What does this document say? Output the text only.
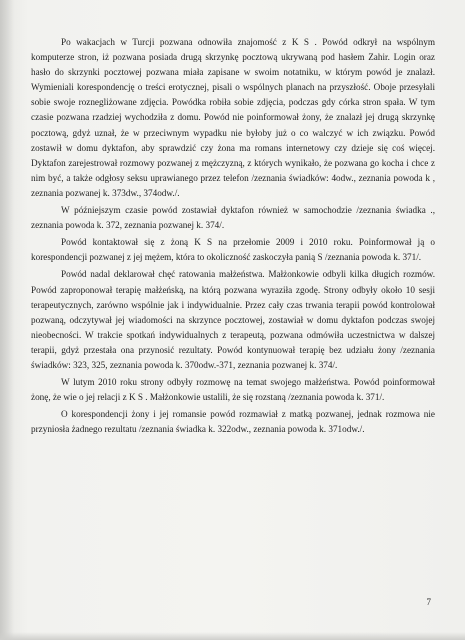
Po wakacjach w Turcji pozwana odnowiła znajomość z K S . Powód odkrył na wspólnym komputerze stron, iż pozwana posiada drugą skrzynkę pocztową ukrywaną pod hasłem Zahir. Login oraz hasło do skrzynki pocztowej pozwana miała zapisane w swoim notatniku, w którym powód je znalazł. Wymieniali korespondencję o treści erotycznej, pisali o wspólnych planach na przyszłość. Oboje przesyłali sobie swoje roznegliżowane zdjęcia. Powódka robiła sobie zdjęcia, podczas gdy córka stron spała. W tym czasie pozwana rzadziej wychodziła z domu. Powód nie poinformował żony, że znalazł jej drugą skrzynkę pocztową, gdyż uznał, że w przeciwnym wypadku nie byłoby już o co walczyć w ich związku. Powód zostawił w domu dyktafon, aby sprawdzić czy żona ma romans internetowy czy dzieje się coś więcej. Dyktafon zarejestrował rozmowy pozwanej z mężczyzną, z których wynikało, że pozwana go kocha i chce z nim być, a także odgłosy seksu uprawianego przez telefon /zeznania świadków: 4odw., zeznania powoda k , zeznania pozwanej k. 373dw., 374odw./.

W późniejszym czasie powód zostawiał dyktafon również w samochodzie /zeznania świadka ., zeznania powoda k. 372, zeznania pozwanej k. 374/.

Powód kontaktował się z żoną K S na przełomie 2009 i 2010 roku. Poinformował ją o korespondencji pozwanej z jej mężem, która to okoliczność zaskoczyła panią S /zeznania powoda k. 371/.

Powód nadal deklarował chęć ratowania małżeństwa. Małżonkowie odbyli kilka długich rozmów. Powód zaproponował terapię małżeńską, na którą pozwana wyraziła zgodę. Strony odbyły około 10 sesji terapeutycznych, zarówno wspólnie jak i indywidualnie. Przez cały czas trwania terapii powód kontrolował pozwaną, odczytywał jej wiadomości na skrzynce pocztowej, zostawiał w domu dyktafon podczas swojej nieobecności. W trakcie spotkań indywidualnych z terapeutą, pozwana odmówiła uczestnictwa w dalszej terapii, gdyż przestała ona przynosić rezultaty. Powód kontynuował terapię bez udziału żony /zeznania świadków: 323, 325, zeznania powoda k. 370odw.-371, zeznania pozwanej k. 374/.

W lutym 2010 roku strony odbyły rozmowę na temat swojego małżeństwa. Powód poinformował żonę, że wie o jej relacji z K S . Małżonkowie ustalili, że się rozstaną /zeznania powoda k. 371/.

O korespondencji żony i jej romansie powód rozmawiał z matką pozwanej, jednak rozmowa nie przyniosła żadnego rezultatu /zeznania świadka k. 322odw., zeznania powoda k. 371odw./.

7
